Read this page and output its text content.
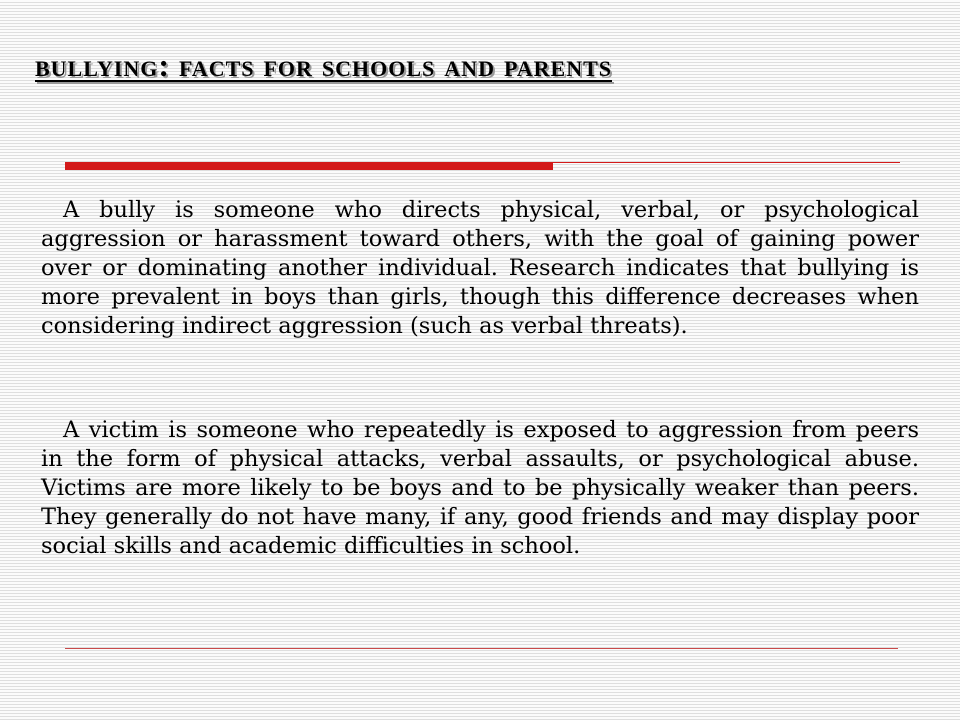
bullying: facts for schools and parents

A bully is someone who directs physical, verbal, or psychological aggression or harassment toward others, with the goal of gaining power over or dominating another individual. Research indicates that bullying is more prevalent in boys than girls, though this difference decreases when considering indirect aggression (such as verbal threats).

A victim is someone who repeatedly is exposed to aggression from peers in the form of physical attacks, verbal assaults, or psychological abuse. Victims are more likely to be boys and to be physically weaker than peers. They generally do not have many, if any, good friends and may display poor social skills and academic difficulties in school.
